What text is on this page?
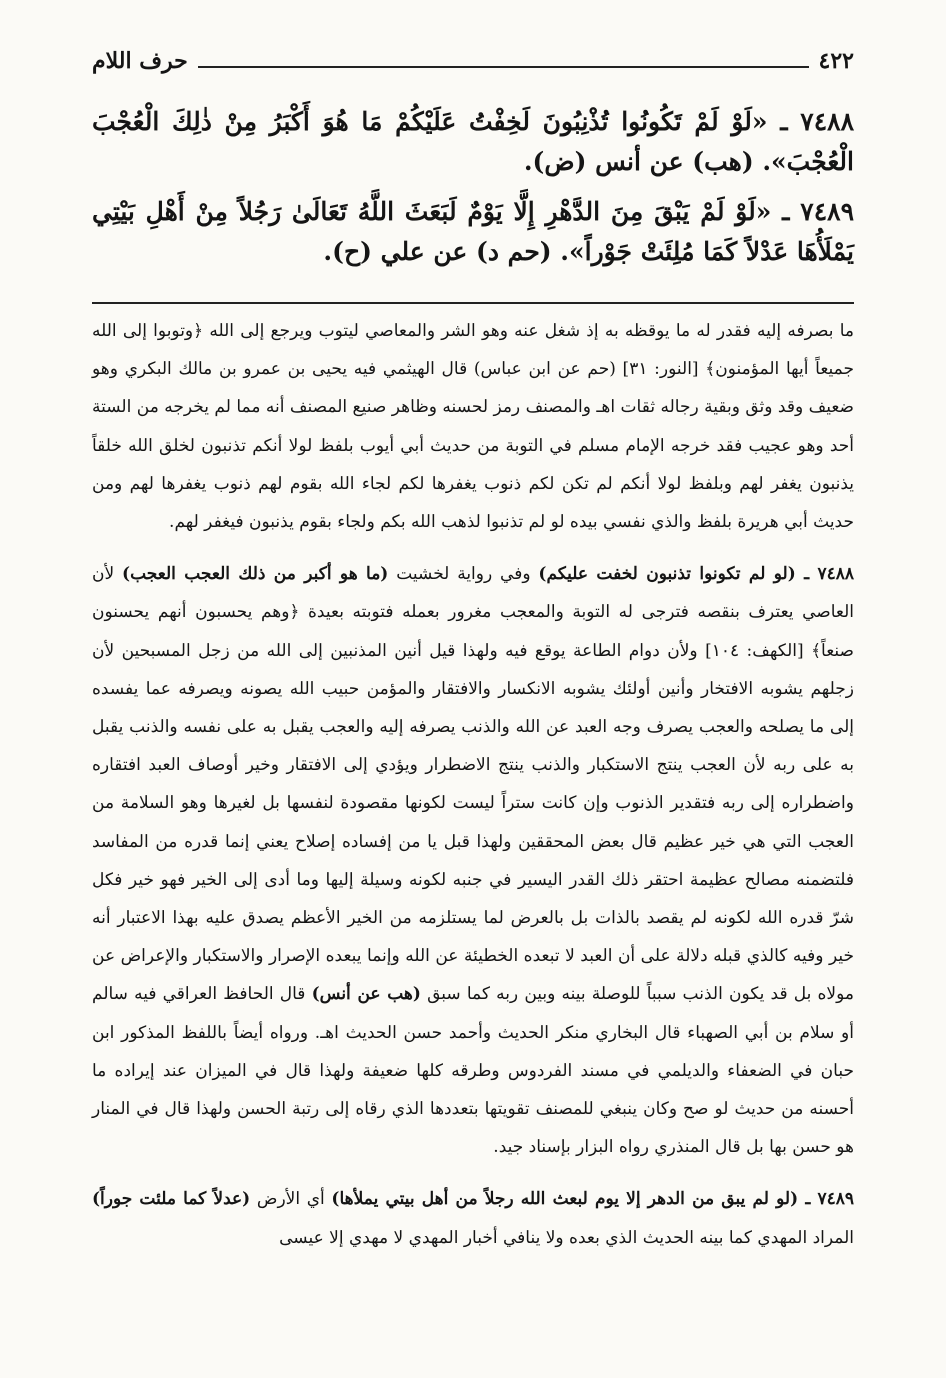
٤٢٢
حرف اللام

٧٤٨٨ ـ «لَوْ لَمْ تَكُونُوا تُذْنِبُونَ لَخِفْتُ عَلَيْكُمْ مَا هُوَ أَكْبَرُ مِنْ ذٰلِكَ الْعُجْبَ الْعُجْبَ». (هب) عن أنس (ض).

٧٤٨٩ ـ «لَوْ لَمْ يَبْقَ مِنَ الدَّهْرِ إِلَّا يَوْمٌ لَبَعَثَ اللَّهُ تَعَالَىٰ رَجُلاً مِنْ أَهْلِ بَيْتِي يَمْلَأُهَا عَدْلاً كَمَا مُلِئَتْ جَوْراً». (حم د) عن علي (ح).

ما بصرفه إليه فقدر له ما يوقظه به إذ شغل عنه وهو الشر والمعاصي ليتوب ويرجع إلى الله ﴿وتوبوا إلى الله جميعاً أيها المؤمنون﴾ [النور: ٣١] (حم عن ابن عباس) قال الهيثمي فيه يحيى بن عمرو بن مالك البكري وهو ضعيف وقد وثق وبقية رجاله ثقات اهـ والمصنف رمز لحسنه وظاهر صنيع المصنف أنه مما لم يخرجه من الستة أحد وهو عجيب فقد خرجه الإمام مسلم في التوبة من حديث أبي أيوب بلفظ لولا أنكم تذنبون لخلق الله خلقاً يذنبون يغفر لهم وبلفظ لولا أنكم لم تكن لكم ذنوب يغفرها لكم لجاء الله بقوم لهم ذنوب يغفرها لهم ومن حديث أبي هريرة بلفظ والذي نفسي بيده لو لم تذنبوا لذهب الله بكم ولجاء بقوم يذنبون فيغفر لهم.

٧٤٨٨ ـ (لو لم تكونوا تذنبون لخفت عليكم) وفي رواية لخشيت (ما هو أكبر من ذلك العجب العجب) لأن العاصي يعترف بنقصه فترجى له التوبة والمعجب مغرور بعمله فتوبته بعيدة ﴿وهم يحسبون أنهم يحسنون صنعاً﴾ [الكهف: ١٠٤] ولأن دوام الطاعة يوقع فيه ولهذا قيل أنين المذنبين إلى الله من زجل المسبحين لأن زجلهم يشوبه الافتخار وأنين أولئك يشوبه الانكسار والافتقار والمؤمن حبيب الله يصونه ويصرفه عما يفسده إلى ما يصلحه والعجب يصرف وجه العبد عن الله والذنب يصرفه إليه والعجب يقبل به على نفسه والذنب يقبل به على ربه لأن العجب ينتج الاستكبار والذنب ينتج الاضطرار ويؤدي إلى الافتقار وخير أوصاف العبد افتقاره واضطراره إلى ربه فتقدير الذنوب وإن كانت ستراً ليست لكونها مقصودة لنفسها بل لغيرها وهو السلامة من العجب التي هي خير عظيم قال بعض المحققين ولهذا قبل يا من إفساده إصلاح يعني إنما قدره من المفاسد فلتضمنه مصالح عظيمة احتقر ذلك القدر اليسير في جنبه لكونه وسيلة إليها وما أدى إلى الخير فهو خير فكل شرّ قدره الله لكونه لم يقصد بالذات بل بالعرض لما يستلزمه من الخير الأعظم يصدق عليه بهذا الاعتبار أنه خير وفيه كالذي قبله دلالة على أن العبد لا تبعده الخطيئة عن الله وإنما يبعده الإصرار والاستكبار والإعراض عن مولاه بل قد يكون الذنب سبباً للوصلة بينه وبين ربه كما سبق (هب عن أنس) قال الحافظ العراقي فيه سالم أو سلام بن أبي الصهباء قال البخاري منكر الحديث وأحمد حسن الحديث اهـ. ورواه أيضاً باللفظ المذكور ابن حبان في الضعفاء والديلمي في مسند الفردوس وطرقه كلها ضعيفة ولهذا قال في الميزان عند إيراده ما أحسنه من حديث لو صح وكان ينبغي للمصنف تقويتها بتعددها الذي رقاه إلى رتبة الحسن ولهذا قال في المنار هو حسن بها بل قال المنذري رواه البزار بإسناد جيد.

٧٤٨٩ ـ (لو لم يبق من الدهر إلا يوم لبعث الله رجلاً من أهل بيتي يملأها) أي الأرض (عدلاً كما ملئت جوراً) المراد المهدي كما بينه الحديث الذي بعده ولا ينافي أخبار المهدي لا مهدي إلا عيسى
